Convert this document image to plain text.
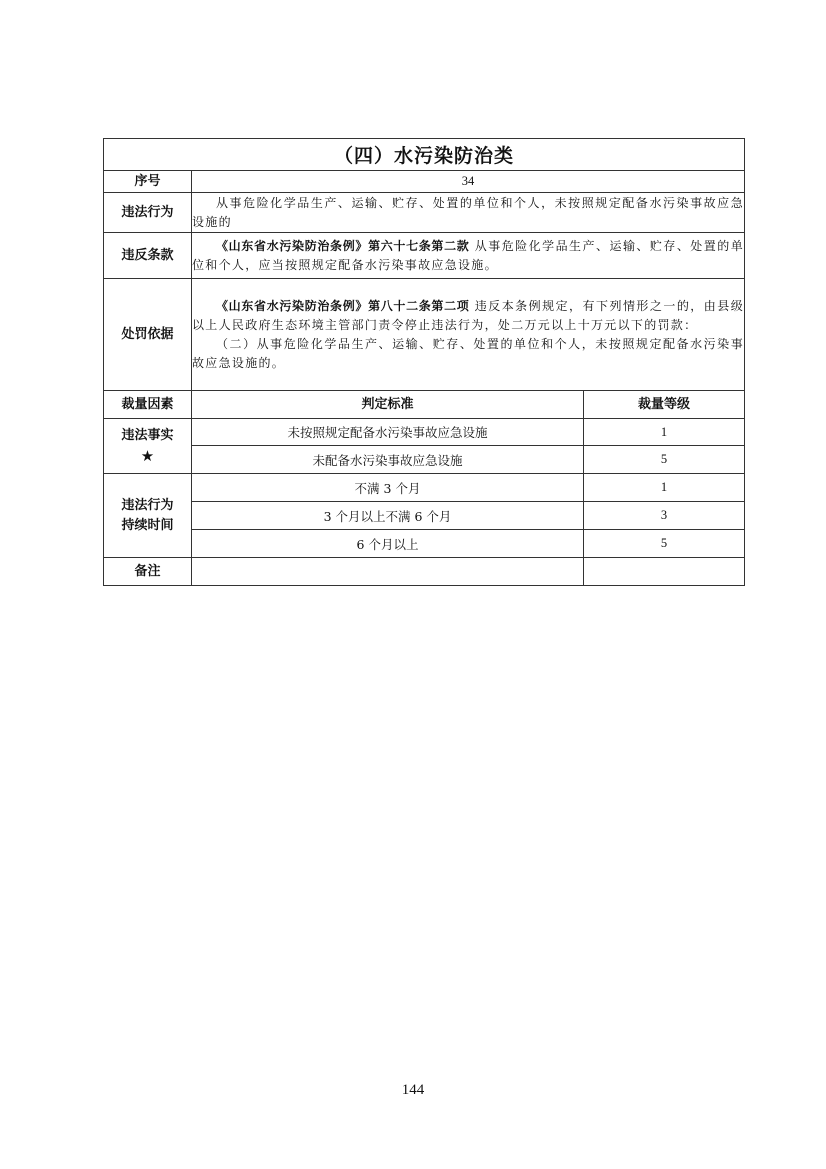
（四）水污染防治类		
序号	34	
违法行为	从事危险化学品生产、运输、贮存、处置的单位和个人，未按照规定配备水污染事故应急设施的	

违反条款	《山东省水污染防治条例》第六十七条第二款 从事危险化学品生产、运输、贮存、处置的单位和个人，应当按照规定配备水污染事故应急设施。	

处罚依据	《山东省水污染防治条例》第八十二条第二项 违反本条例规定，有下列情形之一的，由县级以上人民政府生态环境主管部门责令停止违法行为，处二万元以上十万元以下的罚款：

（二）从事危险化学品生产、运输、贮存、处置的单位和个人，未按照规定配备水污染事故应急设施的。	

裁量因素	判定标准	裁量等级

违法事实
★	未按照规定配备水污染事故应急设施	1
	未配备水污染事故应急设施	5

违法行为
持续时间	不满 3 个月	1
	3 个月以上不满 6 个月	3
	6 个月以上	5
备注		
144
